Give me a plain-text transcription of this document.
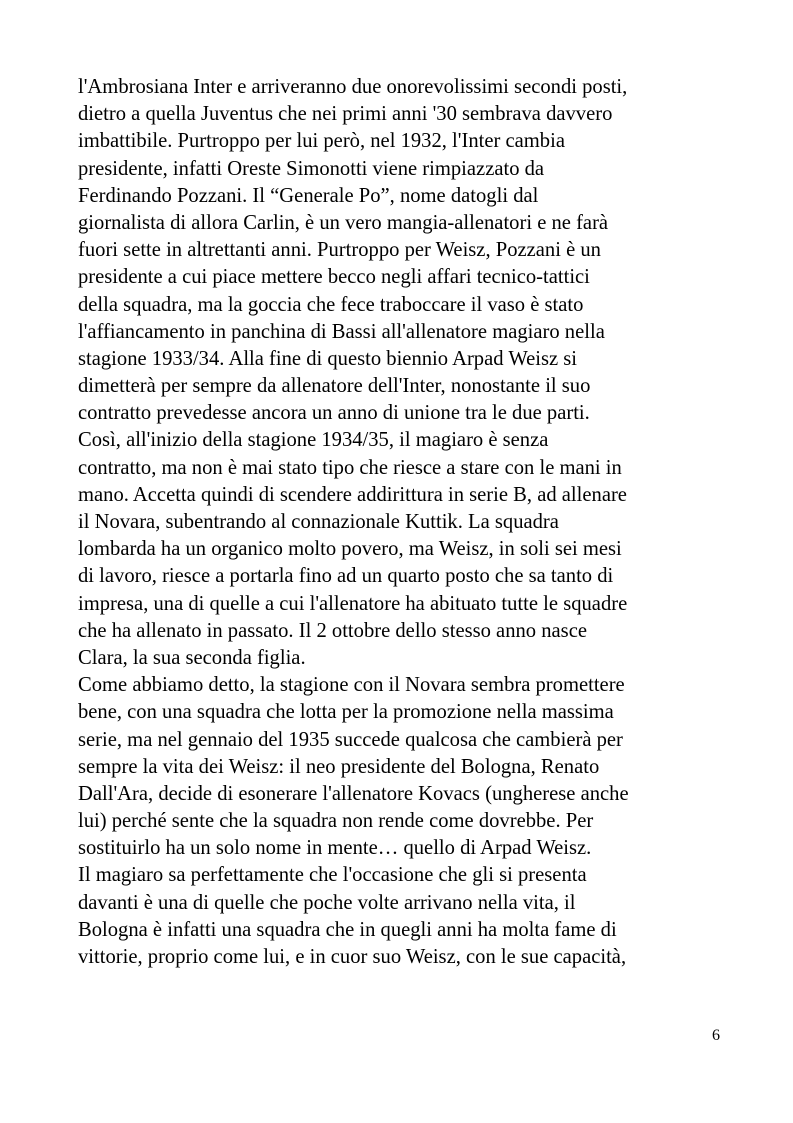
l'Ambrosiana Inter e arriveranno due onorevolissimi secondi posti,
dietro a quella Juventus che nei primi anni '30 sembrava davvero
imbattibile. Purtroppo per lui però, nel 1932, l'Inter cambia
presidente, infatti Oreste Simonotti viene rimpiazzato da
Ferdinando Pozzani. Il “Generale Po”, nome datogli dal
giornalista di allora Carlin, è un vero mangia-allenatori e ne farà
fuori sette in altrettanti anni. Purtroppo per Weisz, Pozzani è un
presidente a cui piace mettere becco negli affari tecnico-tattici
della squadra, ma la goccia che fece traboccare il vaso è stato
l'affiancamento in panchina di Bassi all'allenatore magiaro nella
stagione 1933/34. Alla fine di questo biennio Arpad Weisz si
dimetterà per sempre da allenatore dell'Inter, nonostante il suo
contratto prevedesse ancora un anno di unione tra le due parti.
Così, all'inizio della stagione 1934/35, il magiaro è senza
contratto, ma non è mai stato tipo che riesce a stare con le mani in
mano. Accetta quindi di scendere addirittura in serie B, ad allenare
il Novara, subentrando al connazionale Kuttik. La squadra
lombarda ha un organico molto povero, ma Weisz, in soli sei mesi
di lavoro, riesce a portarla fino ad un quarto posto che sa tanto di
impresa, una di quelle a cui l'allenatore ha abituato tutte le squadre
che ha allenato in passato. Il 2 ottobre dello stesso anno nasce
Clara, la sua seconda figlia.
Come abbiamo detto, la stagione con il Novara sembra promettere
bene, con una squadra che lotta per la promozione nella massima
serie, ma nel gennaio del 1935 succede qualcosa che cambierà per
sempre la vita dei Weisz: il neo presidente del Bologna, Renato
Dall'Ara, decide di esonerare l'allenatore Kovacs (ungherese anche
lui) perché sente che la squadra non rende come dovrebbe. Per
sostituirlo ha un solo nome in mente… quello di Arpad Weisz.
Il magiaro sa perfettamente che l'occasione che gli si presenta
davanti è una di quelle che poche volte arrivano nella vita, il
Bologna è infatti una squadra che in quegli anni ha molta fame di
vittorie, proprio come lui, e in cuor suo Weisz, con le sue capacità,
6
